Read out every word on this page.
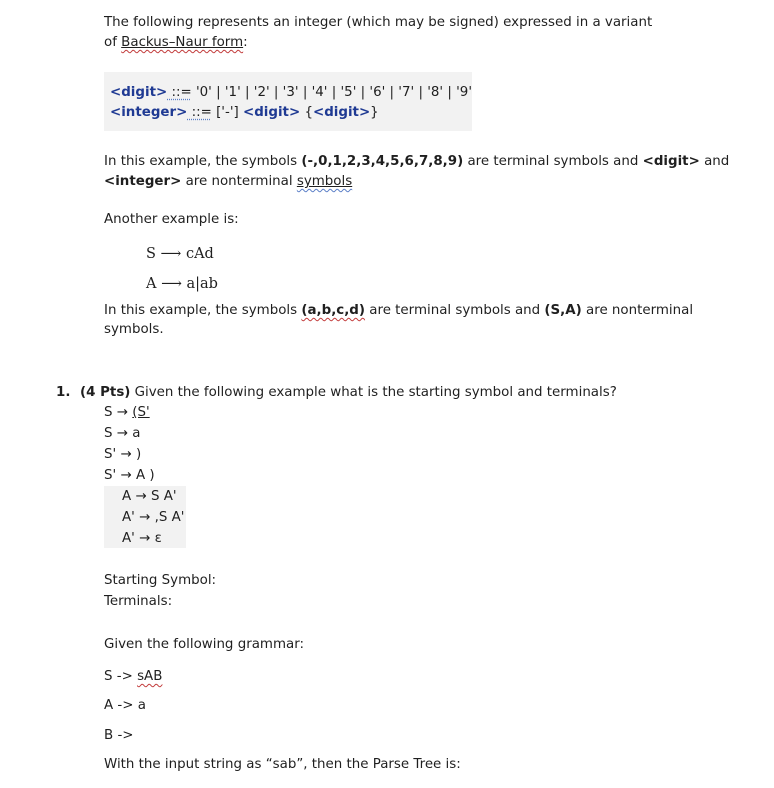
The following represents an integer (which may be signed) expressed in a variant
of Backus–Naur form:
<digit> ::= '0' | '1' | '2' | '3' | '4' | '5' | '6' | '7' | '8' | '9'
<integer> ::= ['-'] <digit> {<digit>}
In this example, the symbols (-,0,1,2,3,4,5,6,7,8,9) are terminal symbols and <digit> and
<integer> are nonterminal symbols
Another example is:
S ⟶ cAd
A ⟶ a|ab
In this example, the symbols (a,b,c,d) are terminal symbols and (S,A) are nonterminal
symbols.
1. (4 Pts) Given the following example what is the starting symbol and terminals?
S → (S'
S → a
S' → )
S' → A )
A → S A'
A' → ,S A'
A' → ε
Starting Symbol:
Terminals:
Given the following grammar:
S -> sAB
A -> a
B ->
With the input string as “sab”, then the Parse Tree is:
